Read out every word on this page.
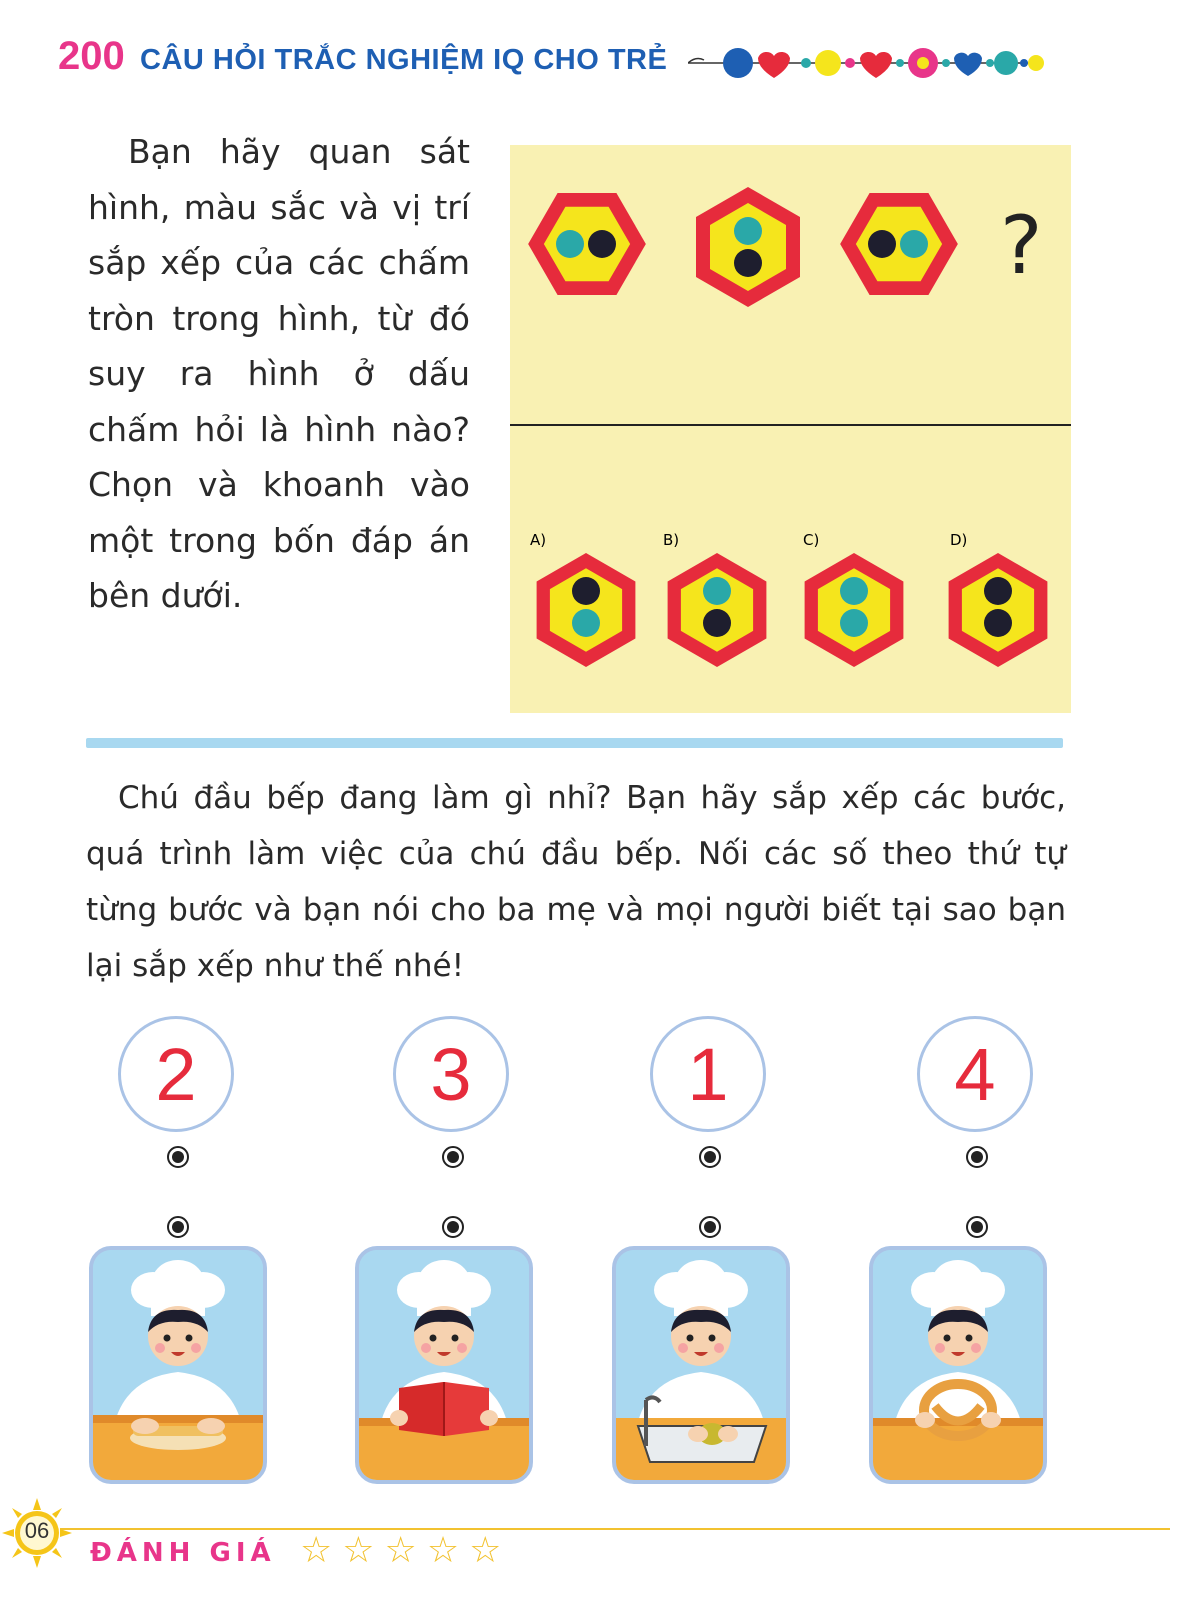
200 CÂU HỎI TRẮC NGHIỆM IQ CHO TRẺ
Bạn hãy quan sát hình, màu sắc và vị trí sắp xếp của các chấm tròn trong hình, từ đó suy ra hình ở dấu chấm hỏi là hình nào? Chọn và khoanh vào một trong bốn đáp án bên dưới.
?
A)	B)	C)	D)
Chú đầu bếp đang làm gì nhỉ? Bạn hãy sắp xếp các bước, quá trình làm việc của chú đầu bếp. Nối các số theo thứ tự từng bước và bạn nói cho ba mẹ và mọi người biết tại sao bạn lại sắp xếp như thế nhé!
2	3	1	4
06
ĐÁNH GIÁ ☆☆☆☆☆
